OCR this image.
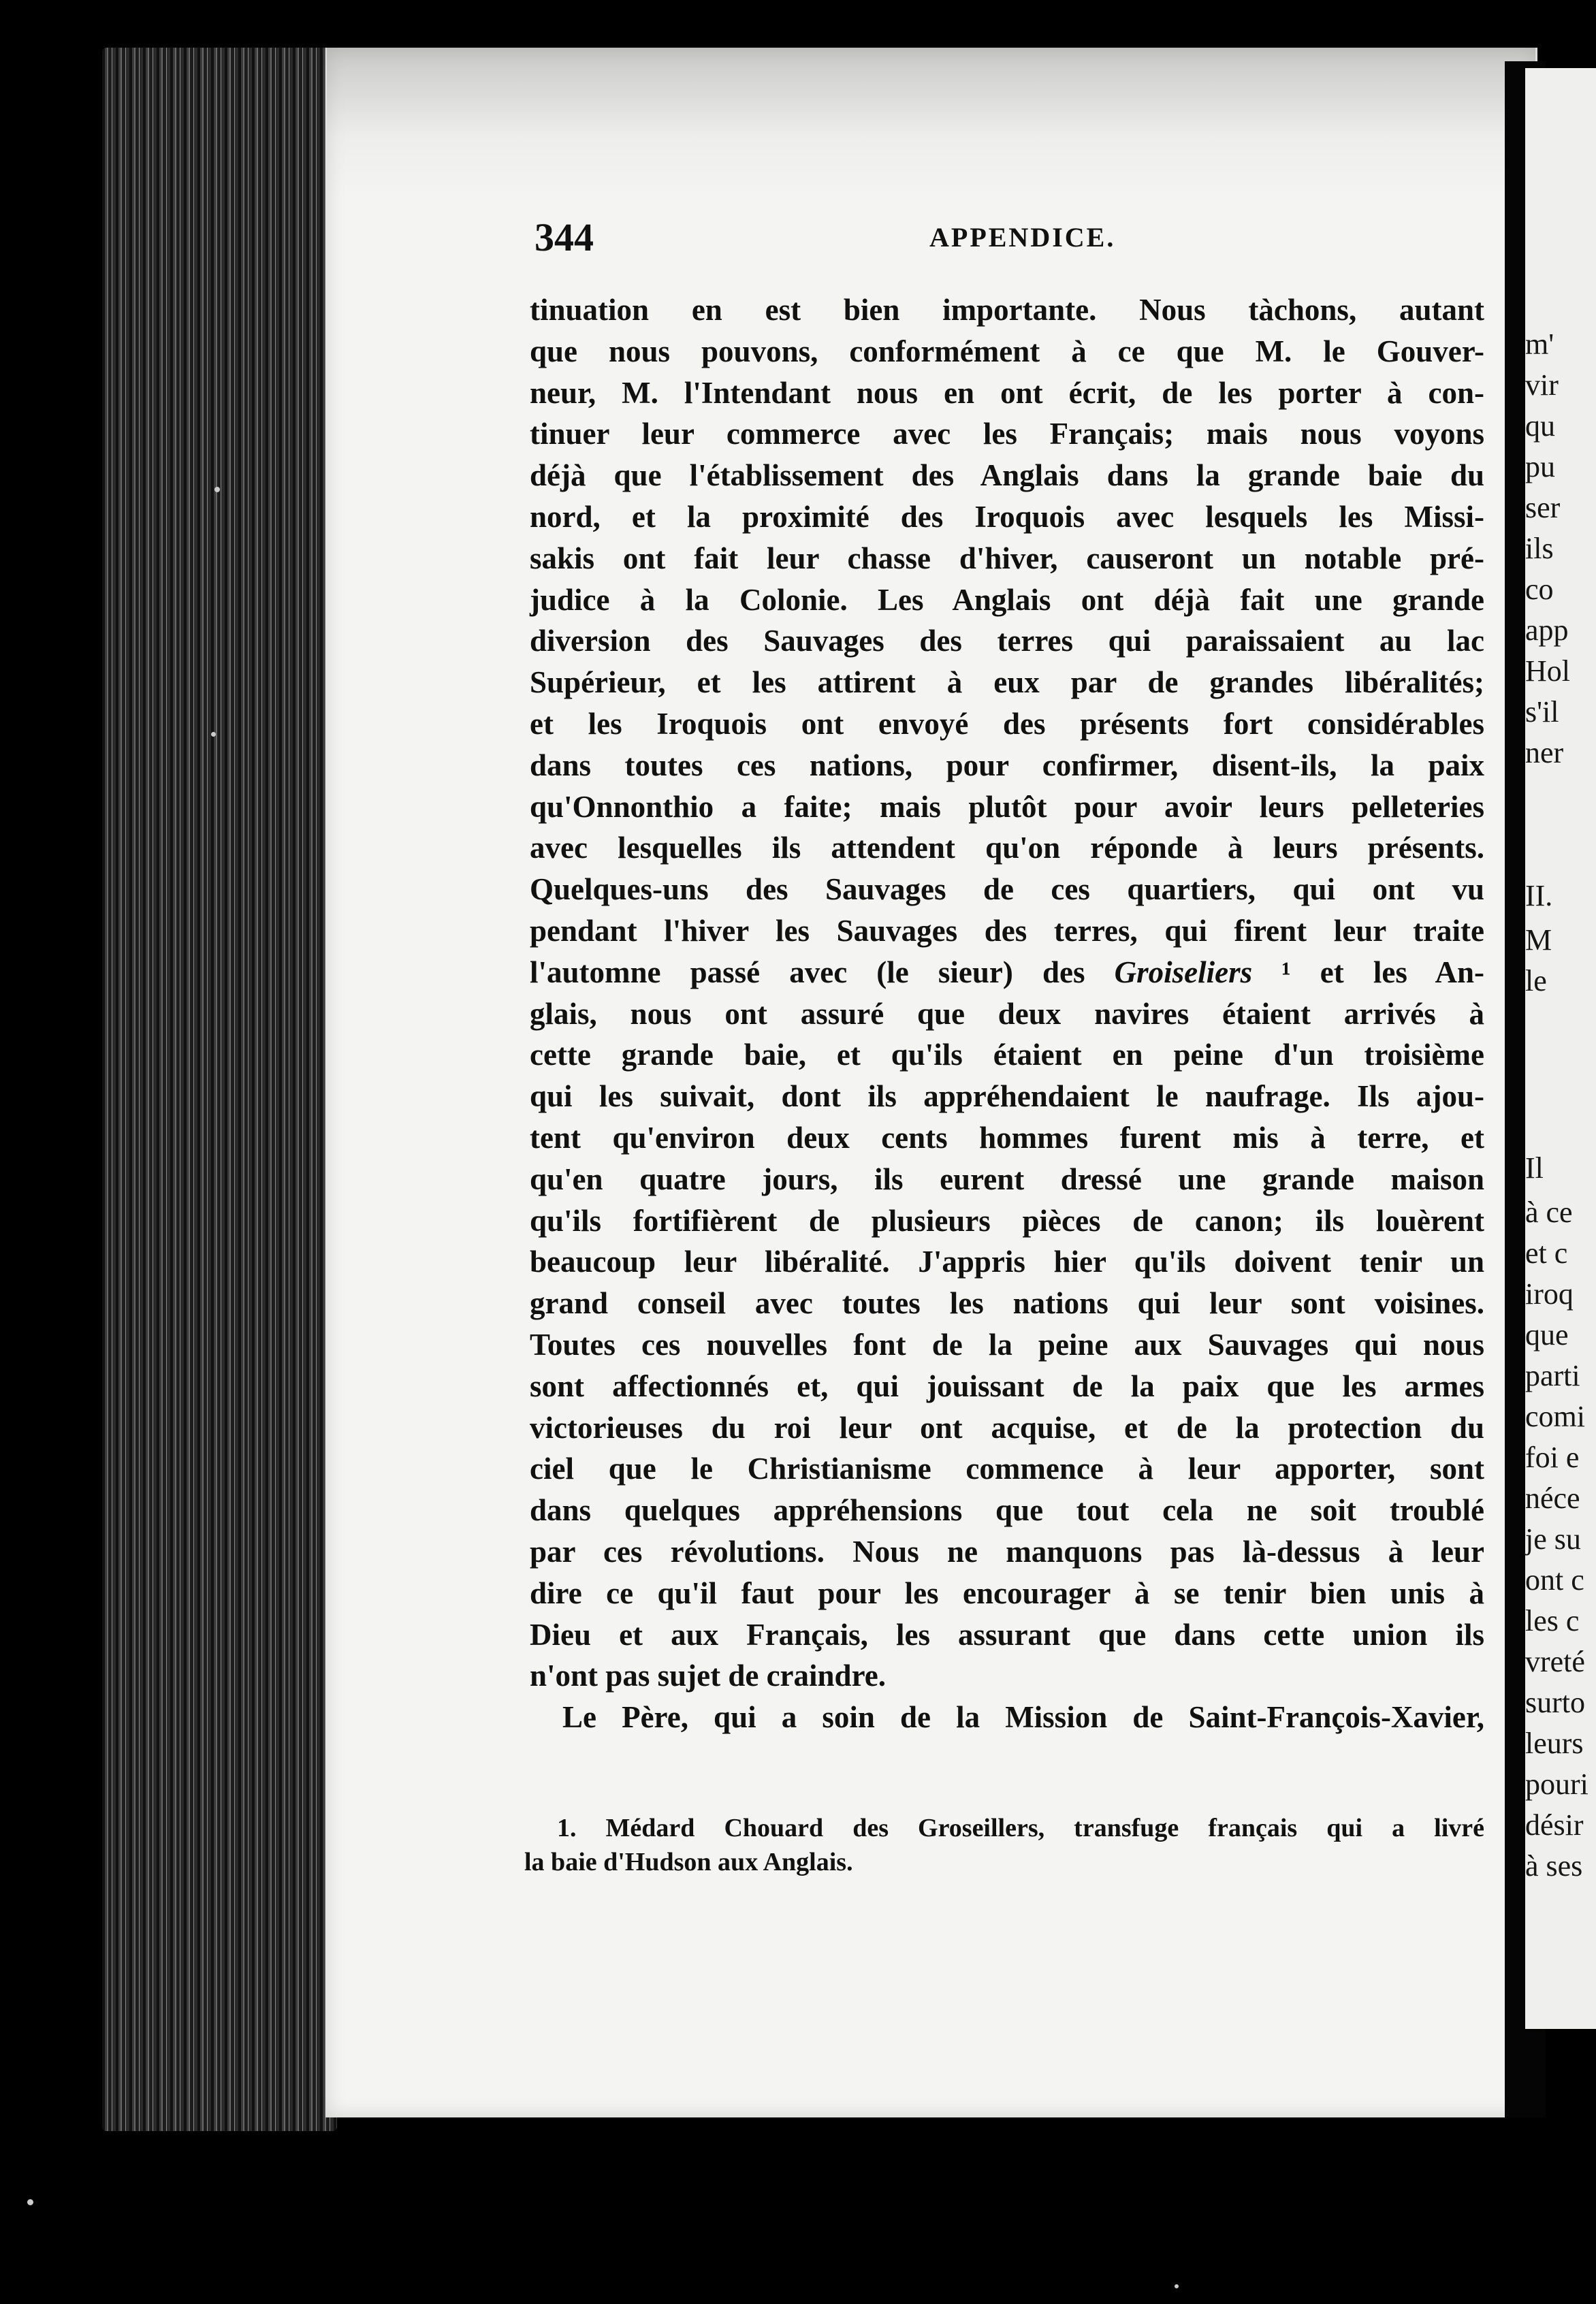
m'
vir
qu
pu
ser
ils
co
app
Hol
s'il
ner
II.
M
le
Il
à ce
et c
iroq
que
parti
comi
foi e
néce
je su
ont c
les c
vreté
surto
leurs
pouri
désir
à ses
344	APPENDICE.
tinuation en est bien importante. Nous tàchons, autant
que nous pouvons, conformément à ce que M. le Gouver-
neur, M. l'Intendant nous en ont écrit, de les porter à con-
tinuer leur commerce avec les Français; mais nous voyons
déjà que l'établissement des Anglais dans la grande baie du
nord, et la proximité des Iroquois avec lesquels les Missi-
sakis ont fait leur chasse d'hiver, causeront un notable pré-
judice à la Colonie. Les Anglais ont déjà fait une grande
diversion des Sauvages des terres qui paraissaient au lac
Supérieur, et les attirent à eux par de grandes libéralités;
et les Iroquois ont envoyé des présents fort considérables
dans toutes ces nations, pour confirmer, disent-ils, la paix
qu'Onnonthio a faite; mais plutôt pour avoir leurs pelleteries
avec lesquelles ils attendent qu'on réponde à leurs présents.
Quelques-uns des Sauvages de ces quartiers, qui ont vu
pendant l'hiver les Sauvages des terres, qui firent leur traite
l'automne passé avec (le sieur) des Groiseliers ¹ et les An-
glais, nous ont assuré que deux navires étaient arrivés à
cette grande baie, et qu'ils étaient en peine d'un troisième
qui les suivait, dont ils appréhendaient le naufrage. Ils ajou-
tent qu'environ deux cents hommes furent mis à terre, et
qu'en quatre jours, ils eurent dressé une grande maison
qu'ils fortifièrent de plusieurs pièces de canon; ils louèrent
beaucoup leur libéralité. J'appris hier qu'ils doivent tenir un
grand conseil avec toutes les nations qui leur sont voisines.
Toutes ces nouvelles font de la peine aux Sauvages qui nous
sont affectionnés et, qui jouissant de la paix que les armes
victorieuses du roi leur ont acquise, et de la protection du
ciel que le Christianisme commence à leur apporter, sont
dans quelques appréhensions que tout cela ne soit troublé
par ces révolutions. Nous ne manquons pas là-dessus à leur
dire ce qu'il faut pour les encourager à se tenir bien unis à
Dieu et aux Français, les assurant que dans cette union ils
n'ont pas sujet de craindre.
Le Père, qui a soin de la Mission de Saint-François-Xavier,
1. Médard Chouard des Groseillers, transfuge français qui a livré
la baie d'Hudson aux Anglais.
